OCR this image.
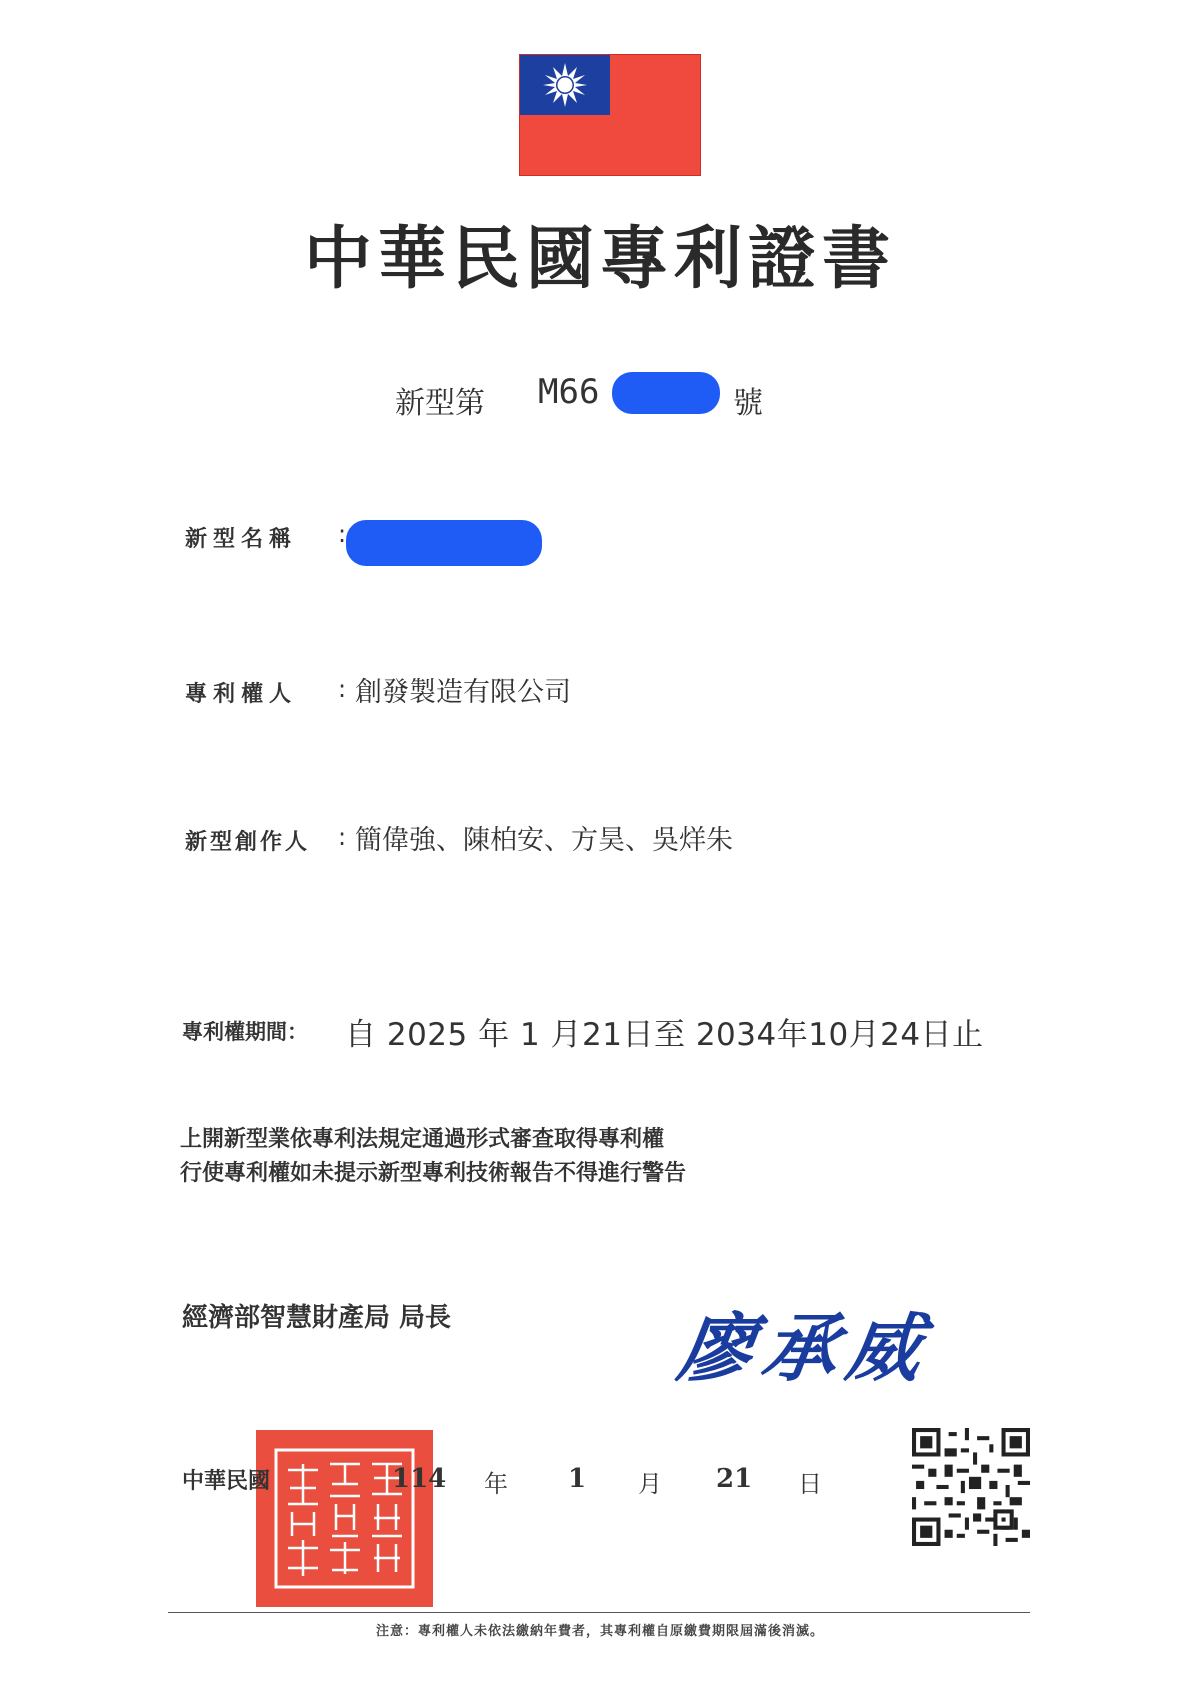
中華民國專利證書
新型第 M66	號
新型名稱 :
專利權人 : 創發製造有限公司
新型創作人 : 簡偉強、陳柏安、方昊、吳烊朱
專利權期間： 自 2025 年 1 月21日至 2034年10月24日止
上開新型業依專利法規定通過形式審查取得專利權
行使專利權如未提示新型專利技術報告不得進行警告
經濟部智慧財產局 局長	廖承威
中華民國	114 年 1 月 21 日
注意：專利權人未依法繳納年費者，其專利權自原繳費期限屆滿後消滅。
